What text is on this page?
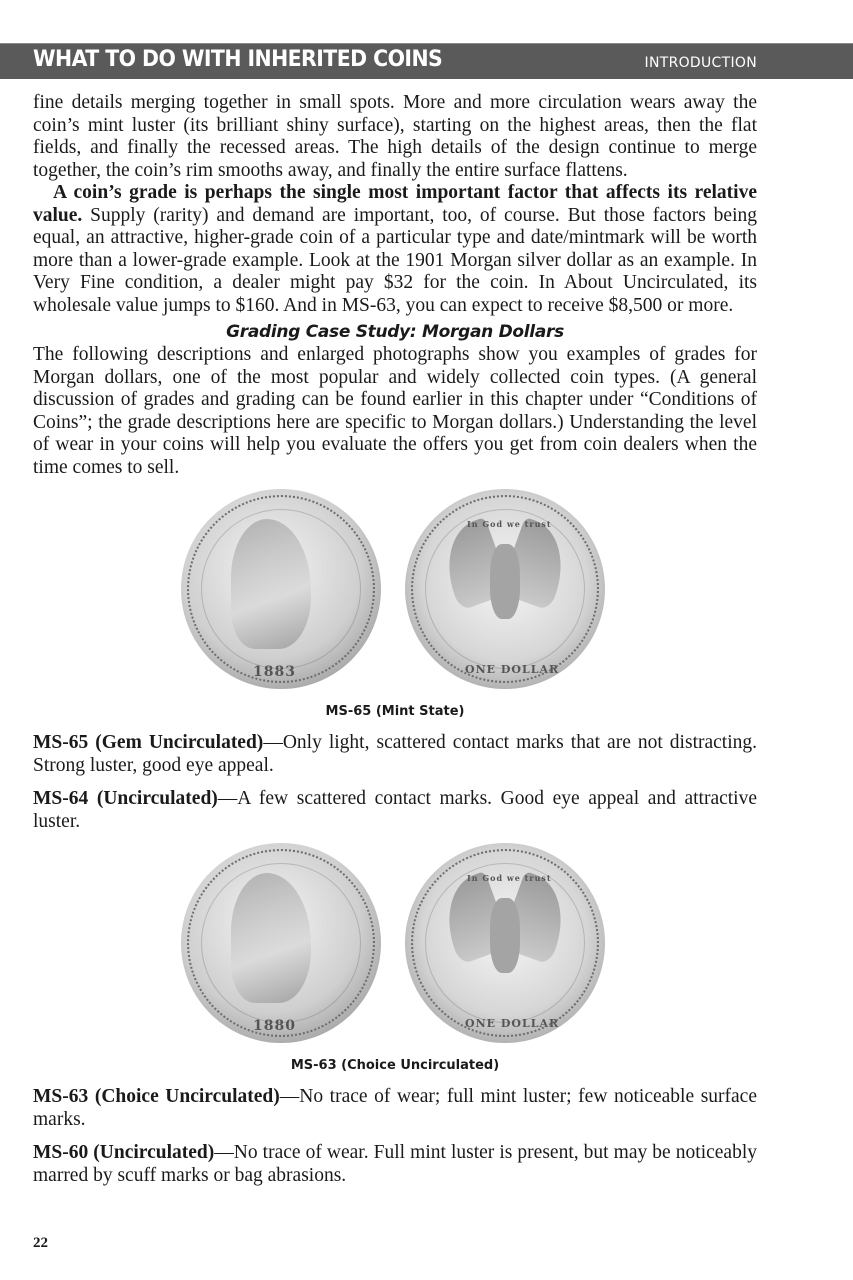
WHAT TO DO WITH INHERITED COINS	INTRODUCTION

fine details merging together in small spots. More and more circulation wears away the coin’s mint luster (its brilliant shiny surface), starting on the highest areas, then the flat fields, and finally the recessed areas. The high details of the design continue to merge together, the coin’s rim smooths away, and finally the entire surface flattens.

A coin’s grade is perhaps the single most important factor that affects its relative value. Supply (rarity) and demand are important, too, of course. But those factors being equal, an attractive, higher-grade coin of a particular type and date/mintmark will be worth more than a lower-grade example. Look at the 1901 Morgan silver dollar as an example. In Very Fine condition, a dealer might pay $32 for the coin. In About Uncirculated, its wholesale value jumps to $160. And in MS-63, you can expect to receive $8,500 or more.

Grading Case Study: Morgan Dollars

The following descriptions and enlarged photographs show you examples of grades for Morgan dollars, one of the most popular and widely collected coin types. (A general discussion of grades and grading can be found earlier in this chapter under “Conditions of Coins”; the grade descriptions here are specific to Morgan dollars.) Understanding the level of wear in your coins will help you evaluate the offers you get from coin dealers when the time comes to sell.

1883
In God we trust
ONE DOLLAR
MS-65 (Mint State)

MS-65 (Gem Uncirculated)—Only light, scattered contact marks that are not distracting. Strong luster, good eye appeal.

MS-64 (Uncirculated)—A few scattered contact marks. Good eye appeal and attractive luster.

1880
In God we trust
ONE DOLLAR
MS-63 (Choice Uncirculated)

MS-63 (Choice Uncirculated)—No trace of wear; full mint luster; few noticeable surface marks.

MS-60 (Uncirculated)—No trace of wear. Full mint luster is present, but may be noticeably marred by scuff marks or bag abrasions.

22
